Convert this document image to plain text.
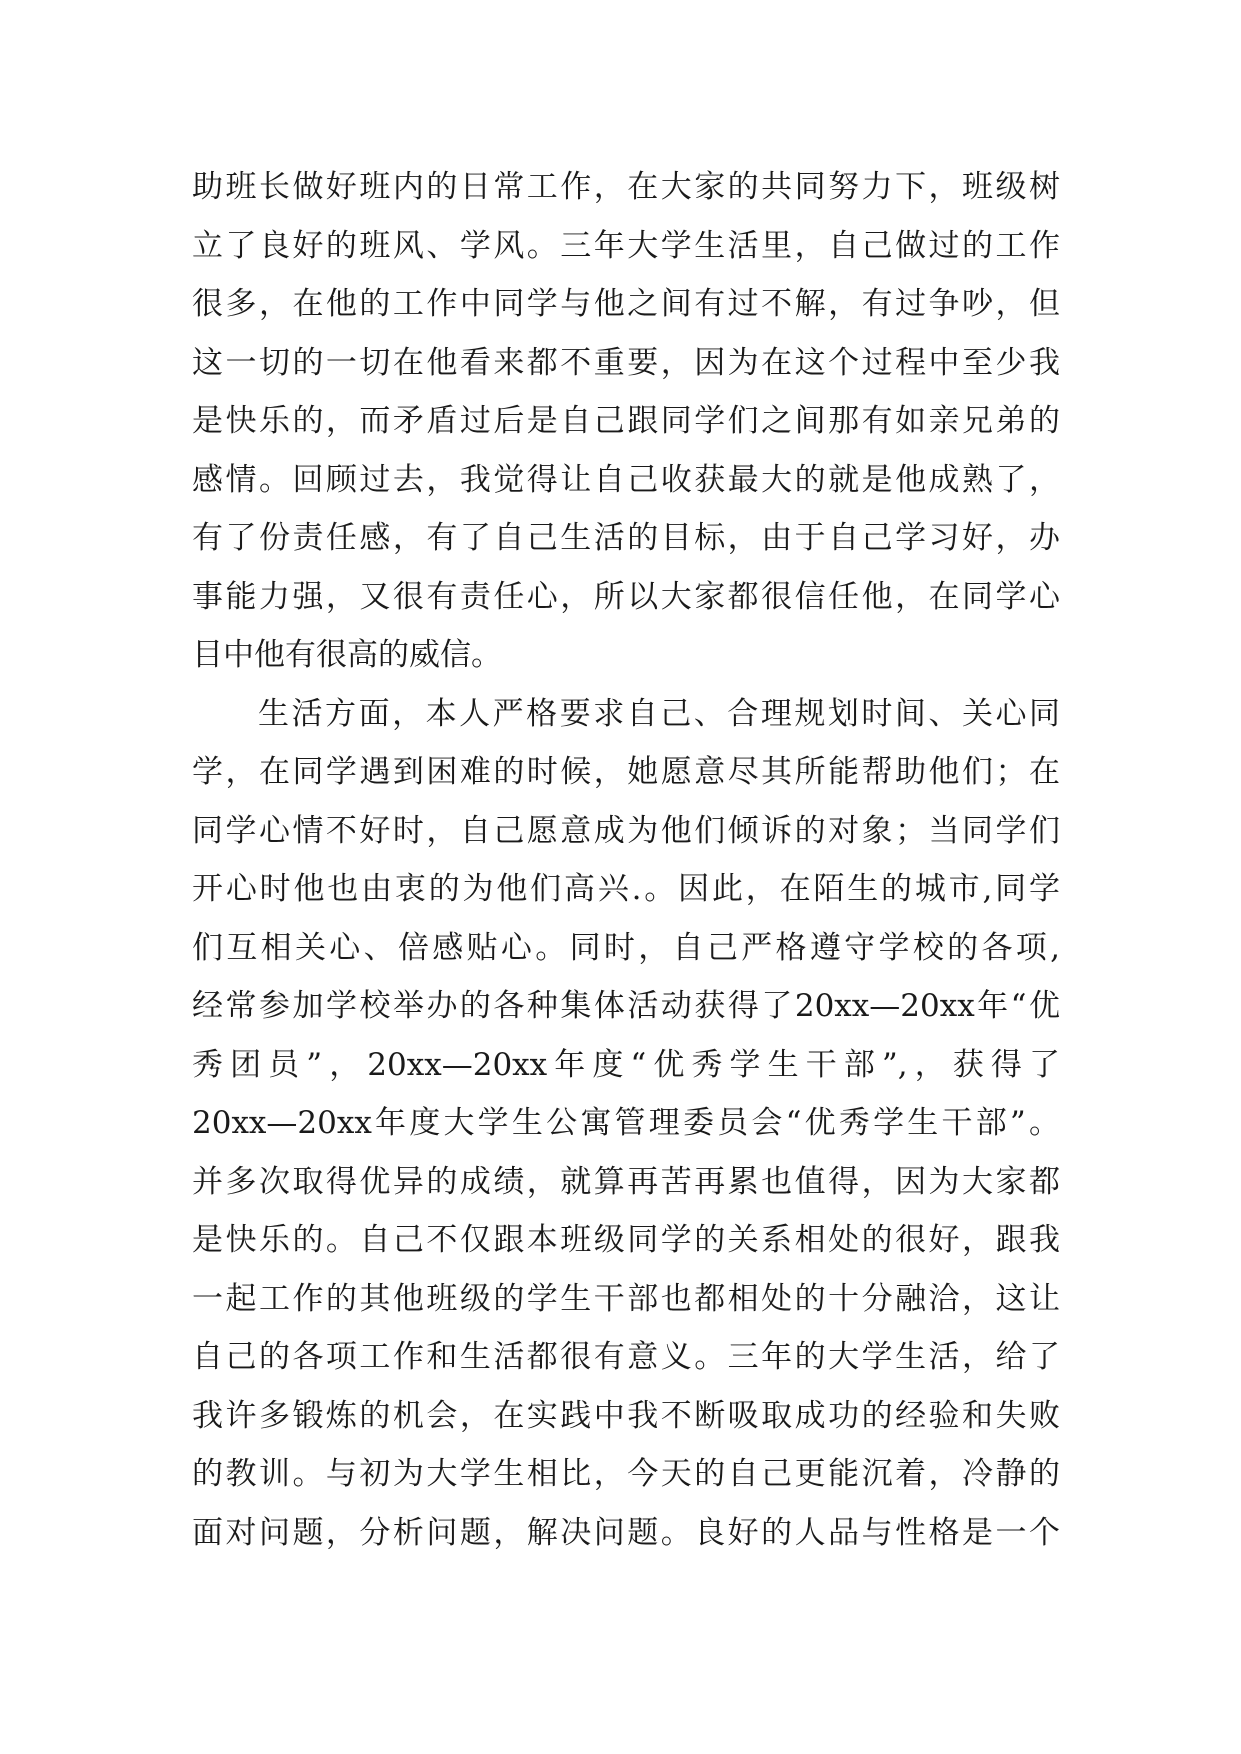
助班长做好班内的日常工作，在大家的共同努力下，班级树
立了良好的班风、学风。三年大学生活里，自己做过的工作
很多，在他的工作中同学与他之间有过不解，有过争吵，但
这一切的一切在他看来都不重要，因为在这个过程中至少我
是快乐的，而矛盾过后是自己跟同学们之间那有如亲兄弟的
感情。回顾过去，我觉得让自己收获最大的就是他成熟了，
有了份责任感，有了自己生活的目标，由于自己学习好，办
事能力强，又很有责任心，所以大家都很信任他，在同学心
目中他有很高的威信。
生活方面，本人严格要求自己、合理规划时间、关心同
学，在同学遇到困难的时候，她愿意尽其所能帮助他们；在
同学心情不好时，自己愿意成为他们倾诉的对象；当同学们
开心时他也由衷的为他们高兴.。因此，在陌生的城市,同学
们互相关心、倍感贴心。同时，自己严格遵守学校的各项,
经常参加学校举办的各种集体活动获得了20xx—20xx年“优
秀团员”，20xx—20xx年度“优秀学生干部”,，获得了
20xx—20xx年度大学生公寓管理委员会“优秀学生干部”。
并多次取得优异的成绩，就算再苦再累也值得，因为大家都
是快乐的。自己不仅跟本班级同学的关系相处的很好，跟我
一起工作的其他班级的学生干部也都相处的十分融洽，这让
自己的各项工作和生活都很有意义。三年的大学生活，给了
我许多锻炼的机会，在实践中我不断吸取成功的经验和失败
的教训。与初为大学生相比，今天的自己更能沉着，冷静的
面对问题，分析问题，解决问题。良好的人品与性格是一个
